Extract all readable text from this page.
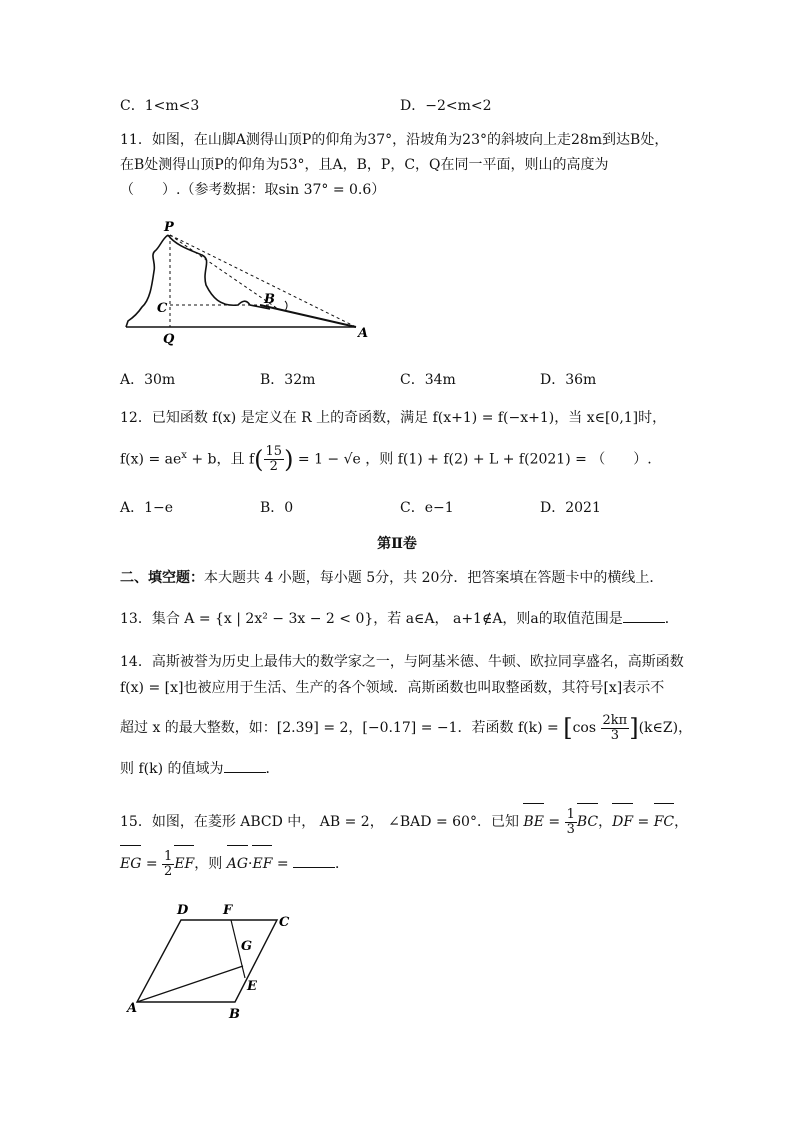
C．1<m<3	D．−2<m<2
11．如图，在山脚A测得山顶P的仰角为37°，沿坡角为23°的斜坡向上走28m到达B处，
在B处测得山顶P的仰角为53°，且A，B，P，C，Q在同一平面，则山的高度为
（　　）.（参考数据：取sin 37° = 0.6）
P
C
Q
B
A
A．30m	B．32m	C．34m	D．36m
12．已知函数 f(x) 是定义在 R 上的奇函数，满足 f(x+1) = f(−x+1)，当 x∈[0,1]时，
$f(x) = ae^x + b$，且 $f( \frac{15}{2}$ ) = 1 − √e ，则 f(1) + f(2) + L + f(2021) = （　　）.
A．1−e	B．0	C．e−1	D．2021
第Ⅱ卷
二、填空题：本大题共 4 小题，每小题 5分，共 20分．把答案填在答题卡中的横线上．
13．集合 A = {x | 2x² − 3x − 2 < 0}，若 a∈A， a+1∉A，则a的取值范围是	．
14．高斯被誉为历史上最伟大的数学家之一，与阿基米德、牛顿、欧拉同享盛名，高斯函数
f(x) = [x]也被应用于生活、生产的各个领域．高斯函数也叫取整函数，其符号[x]表示不
超过 x 的最大整数，如：[2.39] = 2，[−0.17] = −1．若函数 $f(k) = [\cos \frac{2k\pi}{3}$ ](k∈Z)，
则 f(k) 的值域为	．
15．如图，在菱形 ABCD 中， AB = 2， ∠BAD = 60°．已知 BE = $\frac{1}{3}$ BC，DF = FC，
EG = $\frac{1}{2}$ EF，则 AG·EF =	．
A	B
C
D
E
F
G
